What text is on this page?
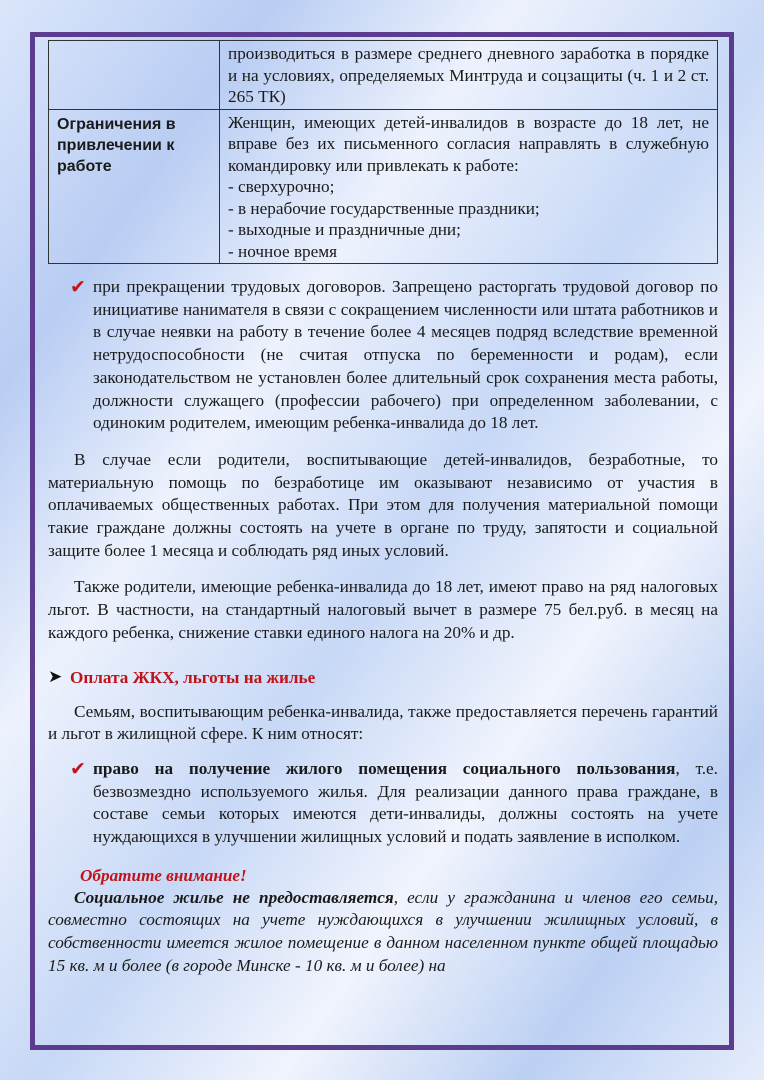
	производиться в размере среднего дневного заработка в порядке и на условиях, определяемых Минтруда и соцзащиты (ч. 1 и 2 ст. 265 ТК)

Ограничения в привлечении к работе	Женщин, имеющих детей-инвалидов в возрасте до 18 лет, не вправе без их письменного согласия направлять в служебную командировку или привлекать к работе:

- сверхурочно;
- в нерабочие государственные праздники;
- выходные и праздничные дни;
- ночное время
✔ при прекращении трудовых договоров. Запрещено расторгать трудовой договор по инициативе нанимателя в связи с сокращением численности или штата работников и в случае неявки на работу в течение более 4 месяцев подряд вследствие временной нетрудоспособности (не считая отпуска по беременности и родам), если законодательством не установлен более длительный срок сохранения места работы, должности служащего (профессии рабочего) при определенном заболевании, с одиноким родителем, имеющим ребенка-инвалида до 18 лет.

В случае если родители, воспитывающие детей-инвалидов, безработные, то материальную помощь по безработице им оказывают независимо от участия в оплачиваемых общественных работах. При этом для получения материальной помощи такие граждане должны состоять на учете в органе по труду, запятости и социальной защите более 1 месяца и соблюдать ряд иных условий.

Также родители, имеющие ребенка-инвалида до 18 лет, имеют право на ряд налоговых льгот. В частности, на стандартный налоговый вычет в размере 75 бел.руб. в месяц на каждого ребенка, снижение ставки единого налога на 20% и др.

➤ Оплата ЖКХ, льготы на жилье

Семьям, воспитывающим ребенка-инвалида, также предоставляется перечень гарантий и льгот в жилищной сфере. К ним относят:

✔ право на получение жилого помещения социального пользования, т.е. безвозмездно используемого жилья. Для реализации данного права граждане, в составе семьи которых имеются дети-инвалиды, должны состоять на учете нуждающихся в улучшении жилищных условий и подать заявление в исполком.
Обратите внимание!

Социальное жилье не предоставляется, если у гражданина и членов его семьи, совместно состоящих на учете нуждающихся в улучшении жилищных условий, в собственности имеется жилое помещение в данном населенном пункте общей площадью 15 кв. м и более (в городе Минске - 10 кв. м и более) на
